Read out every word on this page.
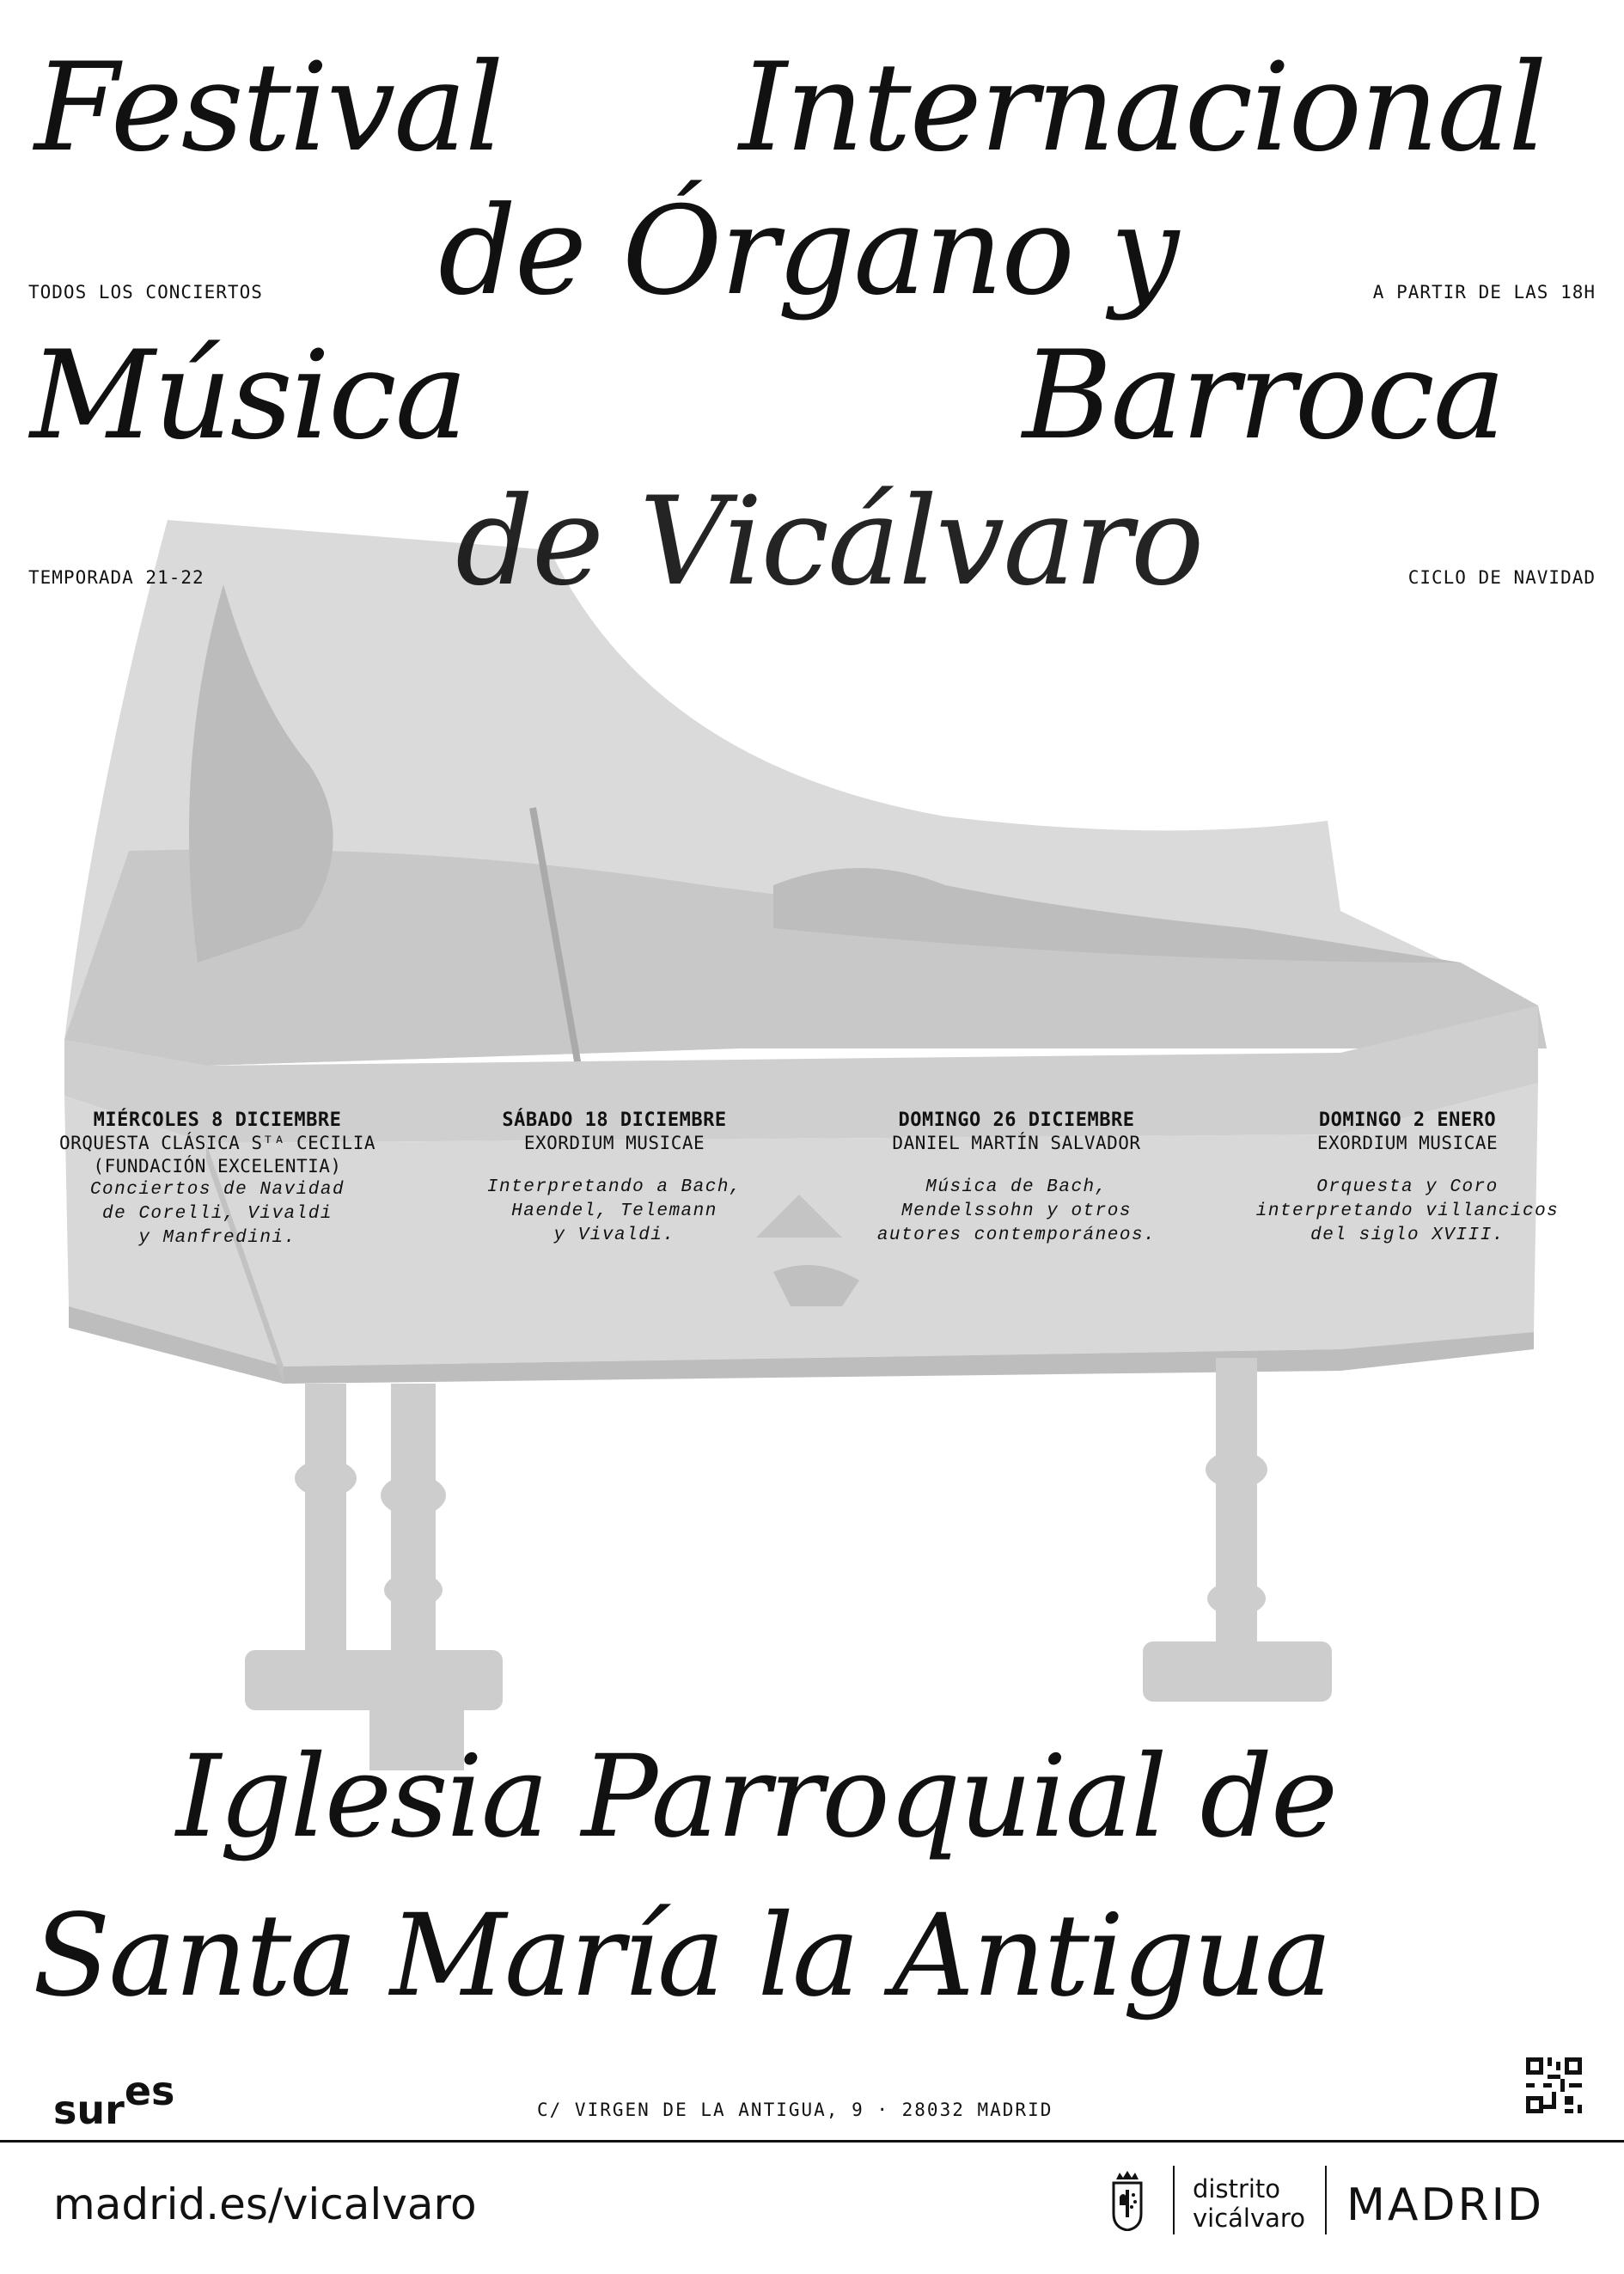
Festival Internacional
de Órgano y
Música	Barroca
de Vicálvaro

TODOS LOS CONCIERTOS	A PARTIR DE LAS 18H

TEMPORADA 21-22	CICLO DE NAVIDAD

MIÉRCOLES 8 DICIEMBRE
ORQUESTA CLÁSICA Sᵀᴬ CECILIA
(FUNDACIÓN EXCELENTIA)
Conciertos de Navidad
de Corelli, Vivaldi
y Manfredini.
SÁBADO 18 DICIEMBRE
EXORDIUM MUSICAE
Interpretando a Bach,
Haendel, Telemann
y Vivaldi.
DOMINGO 26 DICIEMBRE
DANIEL MARTÍN SALVADOR
Música de Bach,
Mendelssohn y otros
autores contemporáneos.
DOMINGO 2 ENERO
EXORDIUM MUSICAE
Orquesta y Coro
interpretando villancicos
del siglo XVIII.
Iglesia Parroquial de
Santa María la Antigua
sures	C/ VIRGEN DE LA ANTIGUA, 9 · 28032 MADRID

madrid.es/vicalvaro	distrito
vicálvaro MADRID
